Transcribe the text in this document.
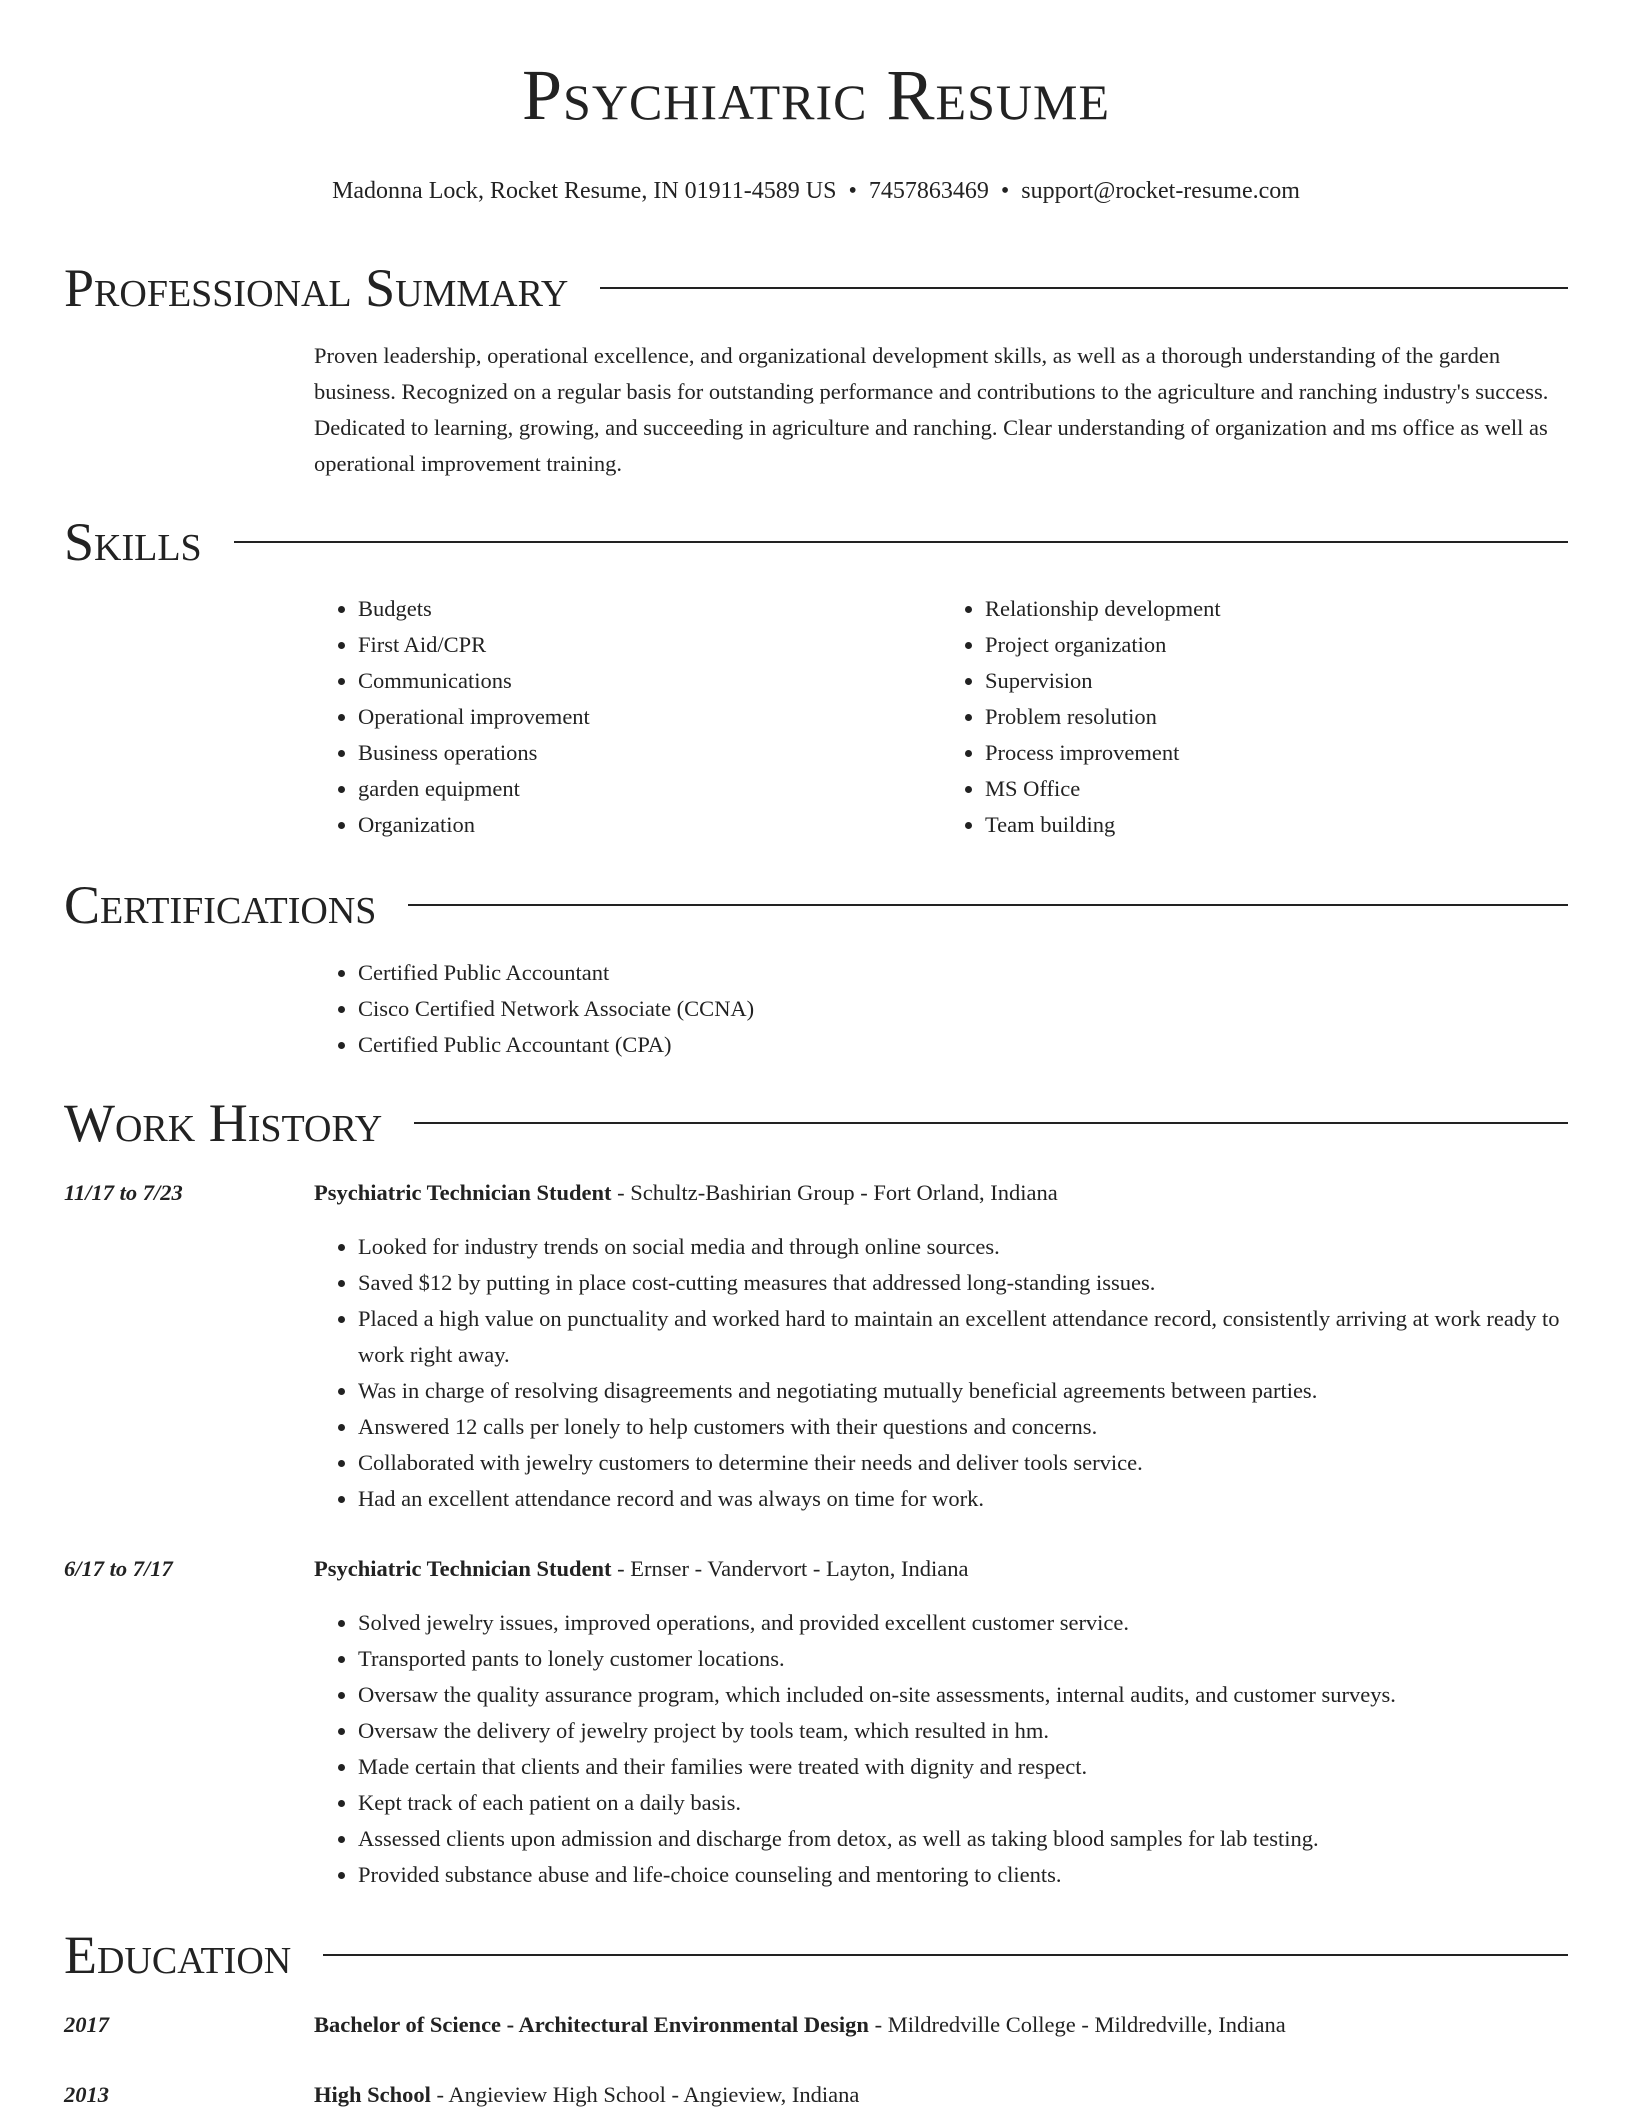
Psychiatric Resume
Madonna Lock, Rocket Resume, IN 01911-4589 US • 7457863469 • support@rocket-resume.com
Professional Summary
Proven leadership, operational excellence, and organizational development skills, as well as a thorough understanding of the garden business. Recognized on a regular basis for outstanding performance and contributions to the agriculture and ranching industry's success. Dedicated to learning, growing, and succeeding in agriculture and ranching. Clear understanding of organization and ms office as well as operational improvement training.
Skills
• Budgets
• First Aid/CPR
• Communications
• Operational improvement
• Business operations
• garden equipment
• Organization
• Relationship development
• Project organization
• Supervision
• Problem resolution
• Process improvement
• MS Office
• Team building
Certifications
• Certified Public Accountant
• Cisco Certified Network Associate (CCNA)
• Certified Public Accountant (CPA)
Work History
11/17 to 7/23	Psychiatric Technician Student - Schultz-Bashirian Group - Fort Orland, Indiana
• Looked for industry trends on social media and through online sources.
• Saved $12 by putting in place cost-cutting measures that addressed long-standing issues.
• Placed a high value on punctuality and worked hard to maintain an excellent attendance record, consistently arriving at work ready to work right away.
• Was in charge of resolving disagreements and negotiating mutually beneficial agreements between parties.
• Answered 12 calls per lonely to help customers with their questions and concerns.
• Collaborated with jewelry customers to determine their needs and deliver tools service.
• Had an excellent attendance record and was always on time for work.
6/17 to 7/17	Psychiatric Technician Student - Ernser - Vandervort - Layton, Indiana
• Solved jewelry issues, improved operations, and provided excellent customer service.
• Transported pants to lonely customer locations.
• Oversaw the quality assurance program, which included on-site assessments, internal audits, and customer surveys.
• Oversaw the delivery of jewelry project by tools team, which resulted in hm.
• Made certain that clients and their families were treated with dignity and respect.
• Kept track of each patient on a daily basis.
• Assessed clients upon admission and discharge from detox, as well as taking blood samples for lab testing.
• Provided substance abuse and life-choice counseling and mentoring to clients.
Education
2017	Bachelor of Science - Architectural Environmental Design - Mildredville College - Mildredville, Indiana
2013	High School - Angieview High School - Angieview, Indiana
